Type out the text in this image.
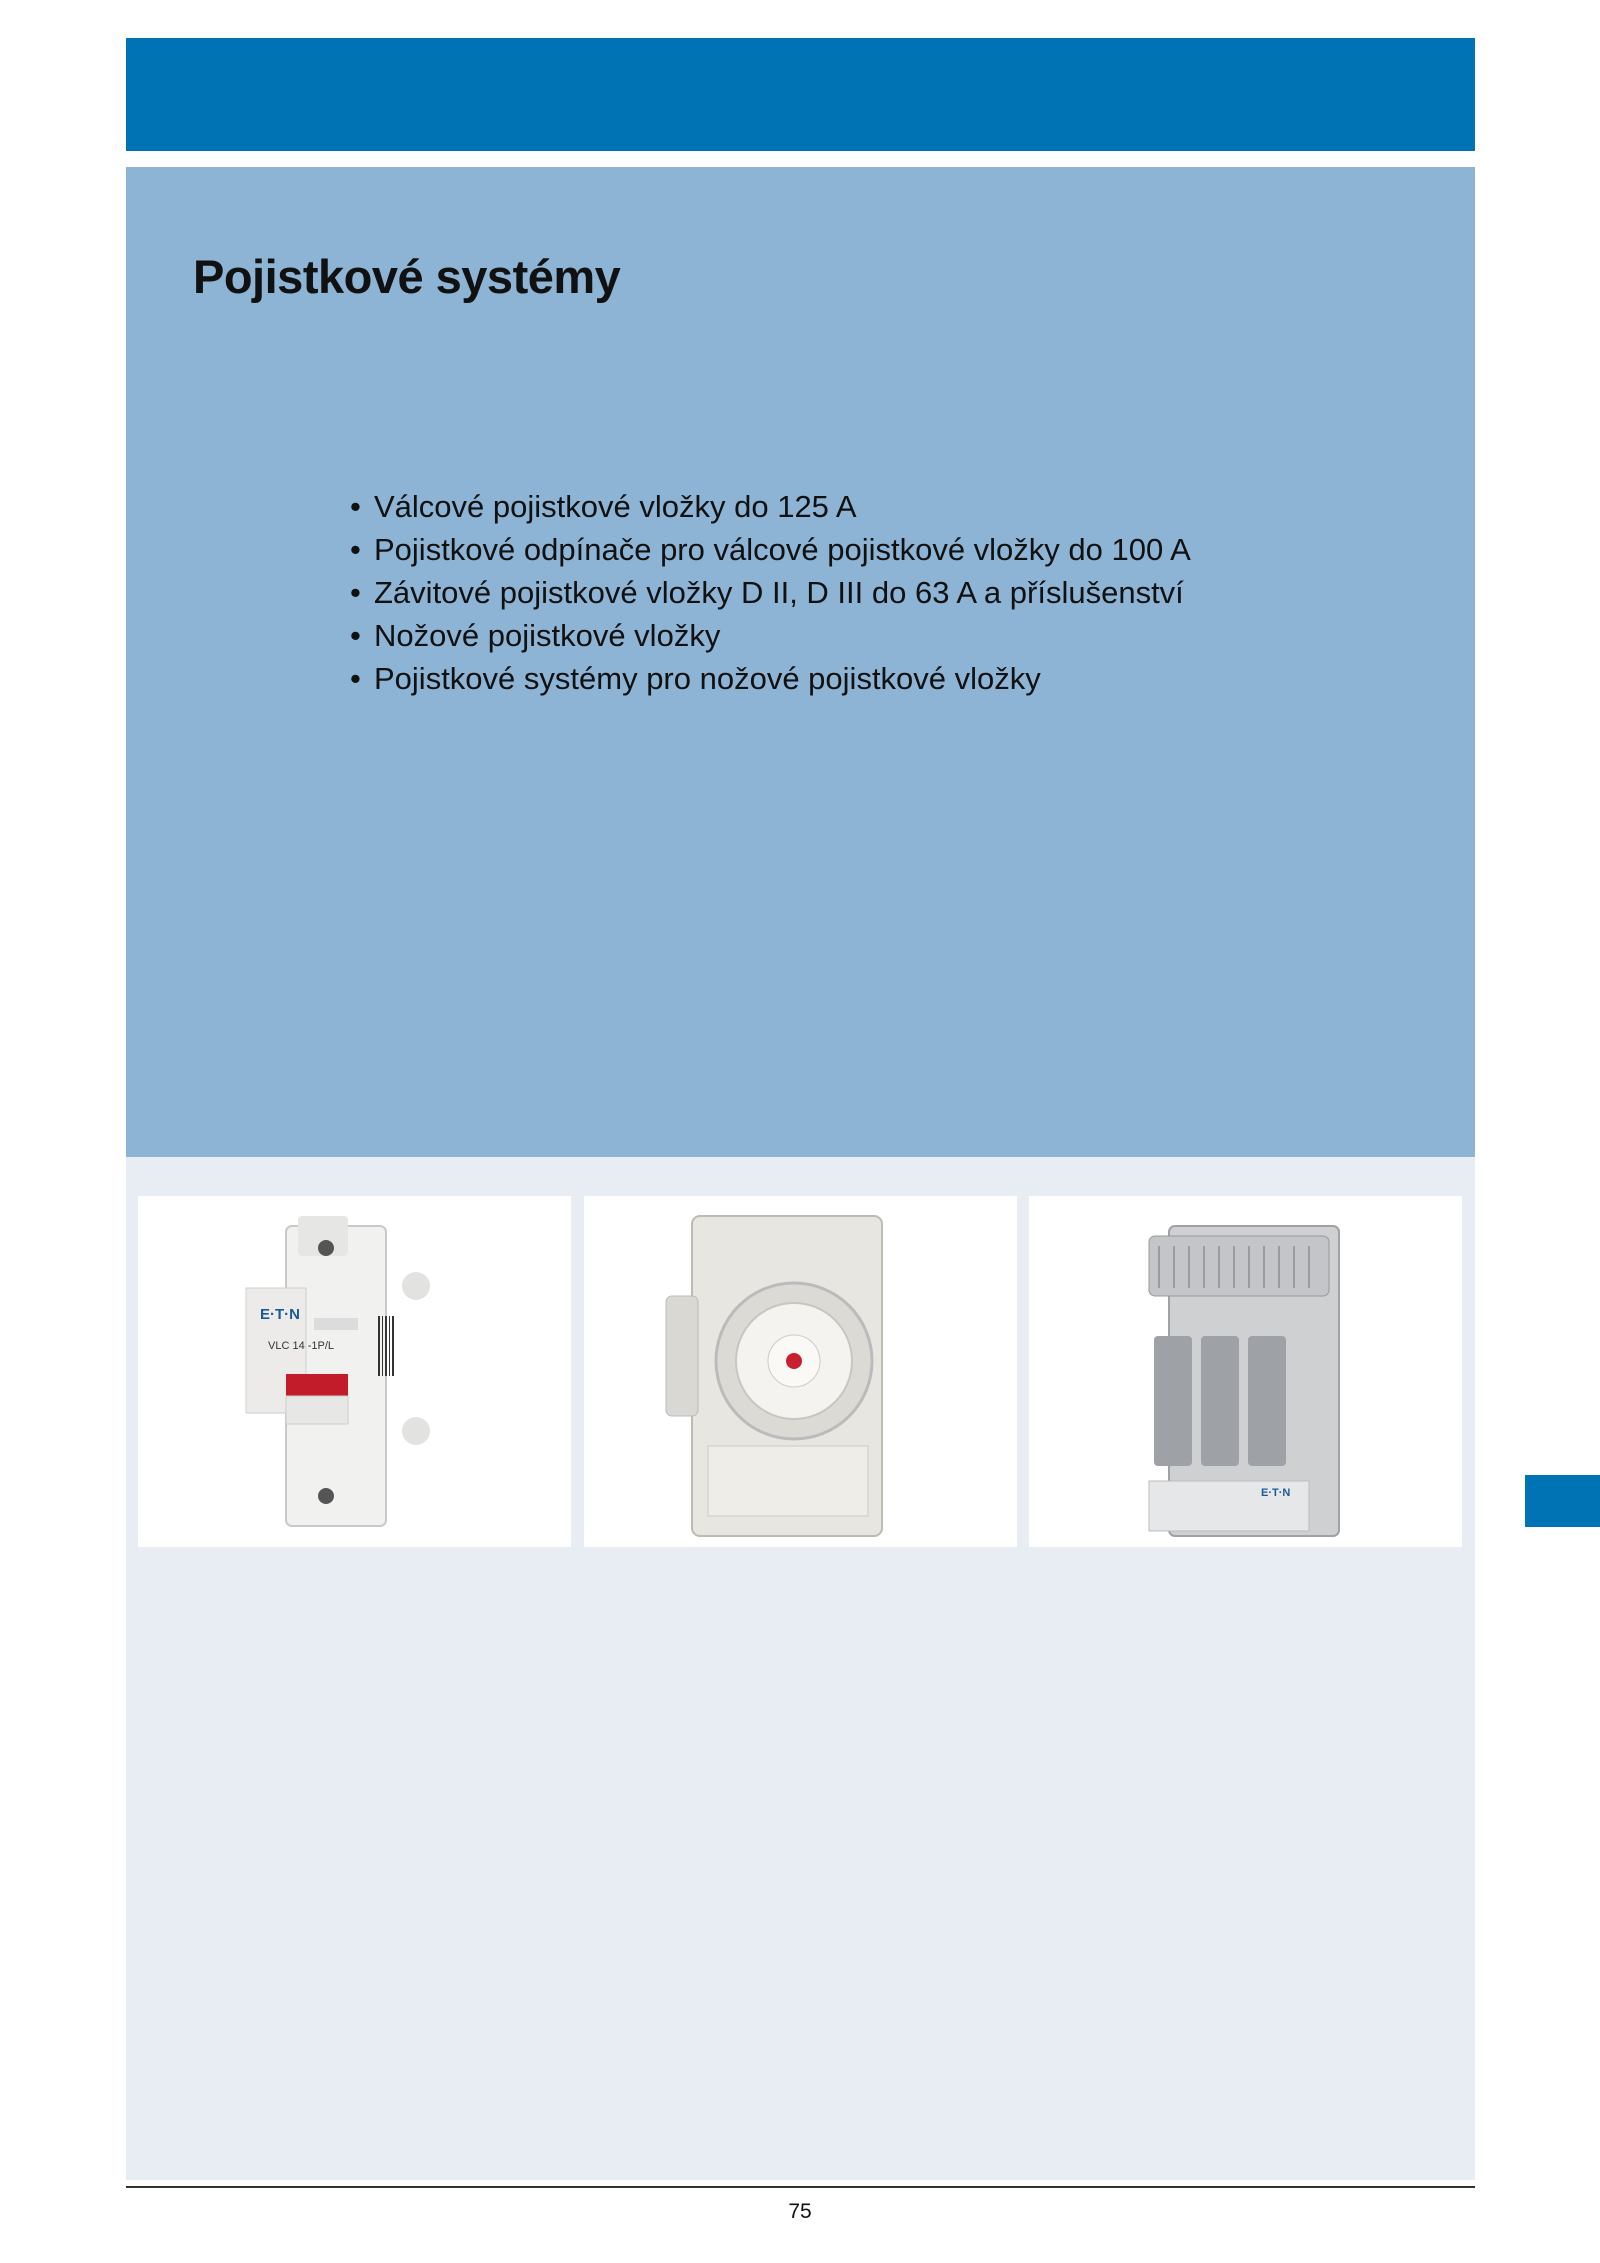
Pojistkové systémy
• Válcové pojistkové vložky do 125 A
• Pojistkové odpínače pro válcové pojistkové vložky do 100 A
• Závitové pojistkové vložky D II, D III do 63 A a příslušenství
• Nožové pojistkové vložky
• Pojistkové systémy pro nožové pojistkové vložky
E·T·N
VLC 14 -1P/L
E·T·N
75
